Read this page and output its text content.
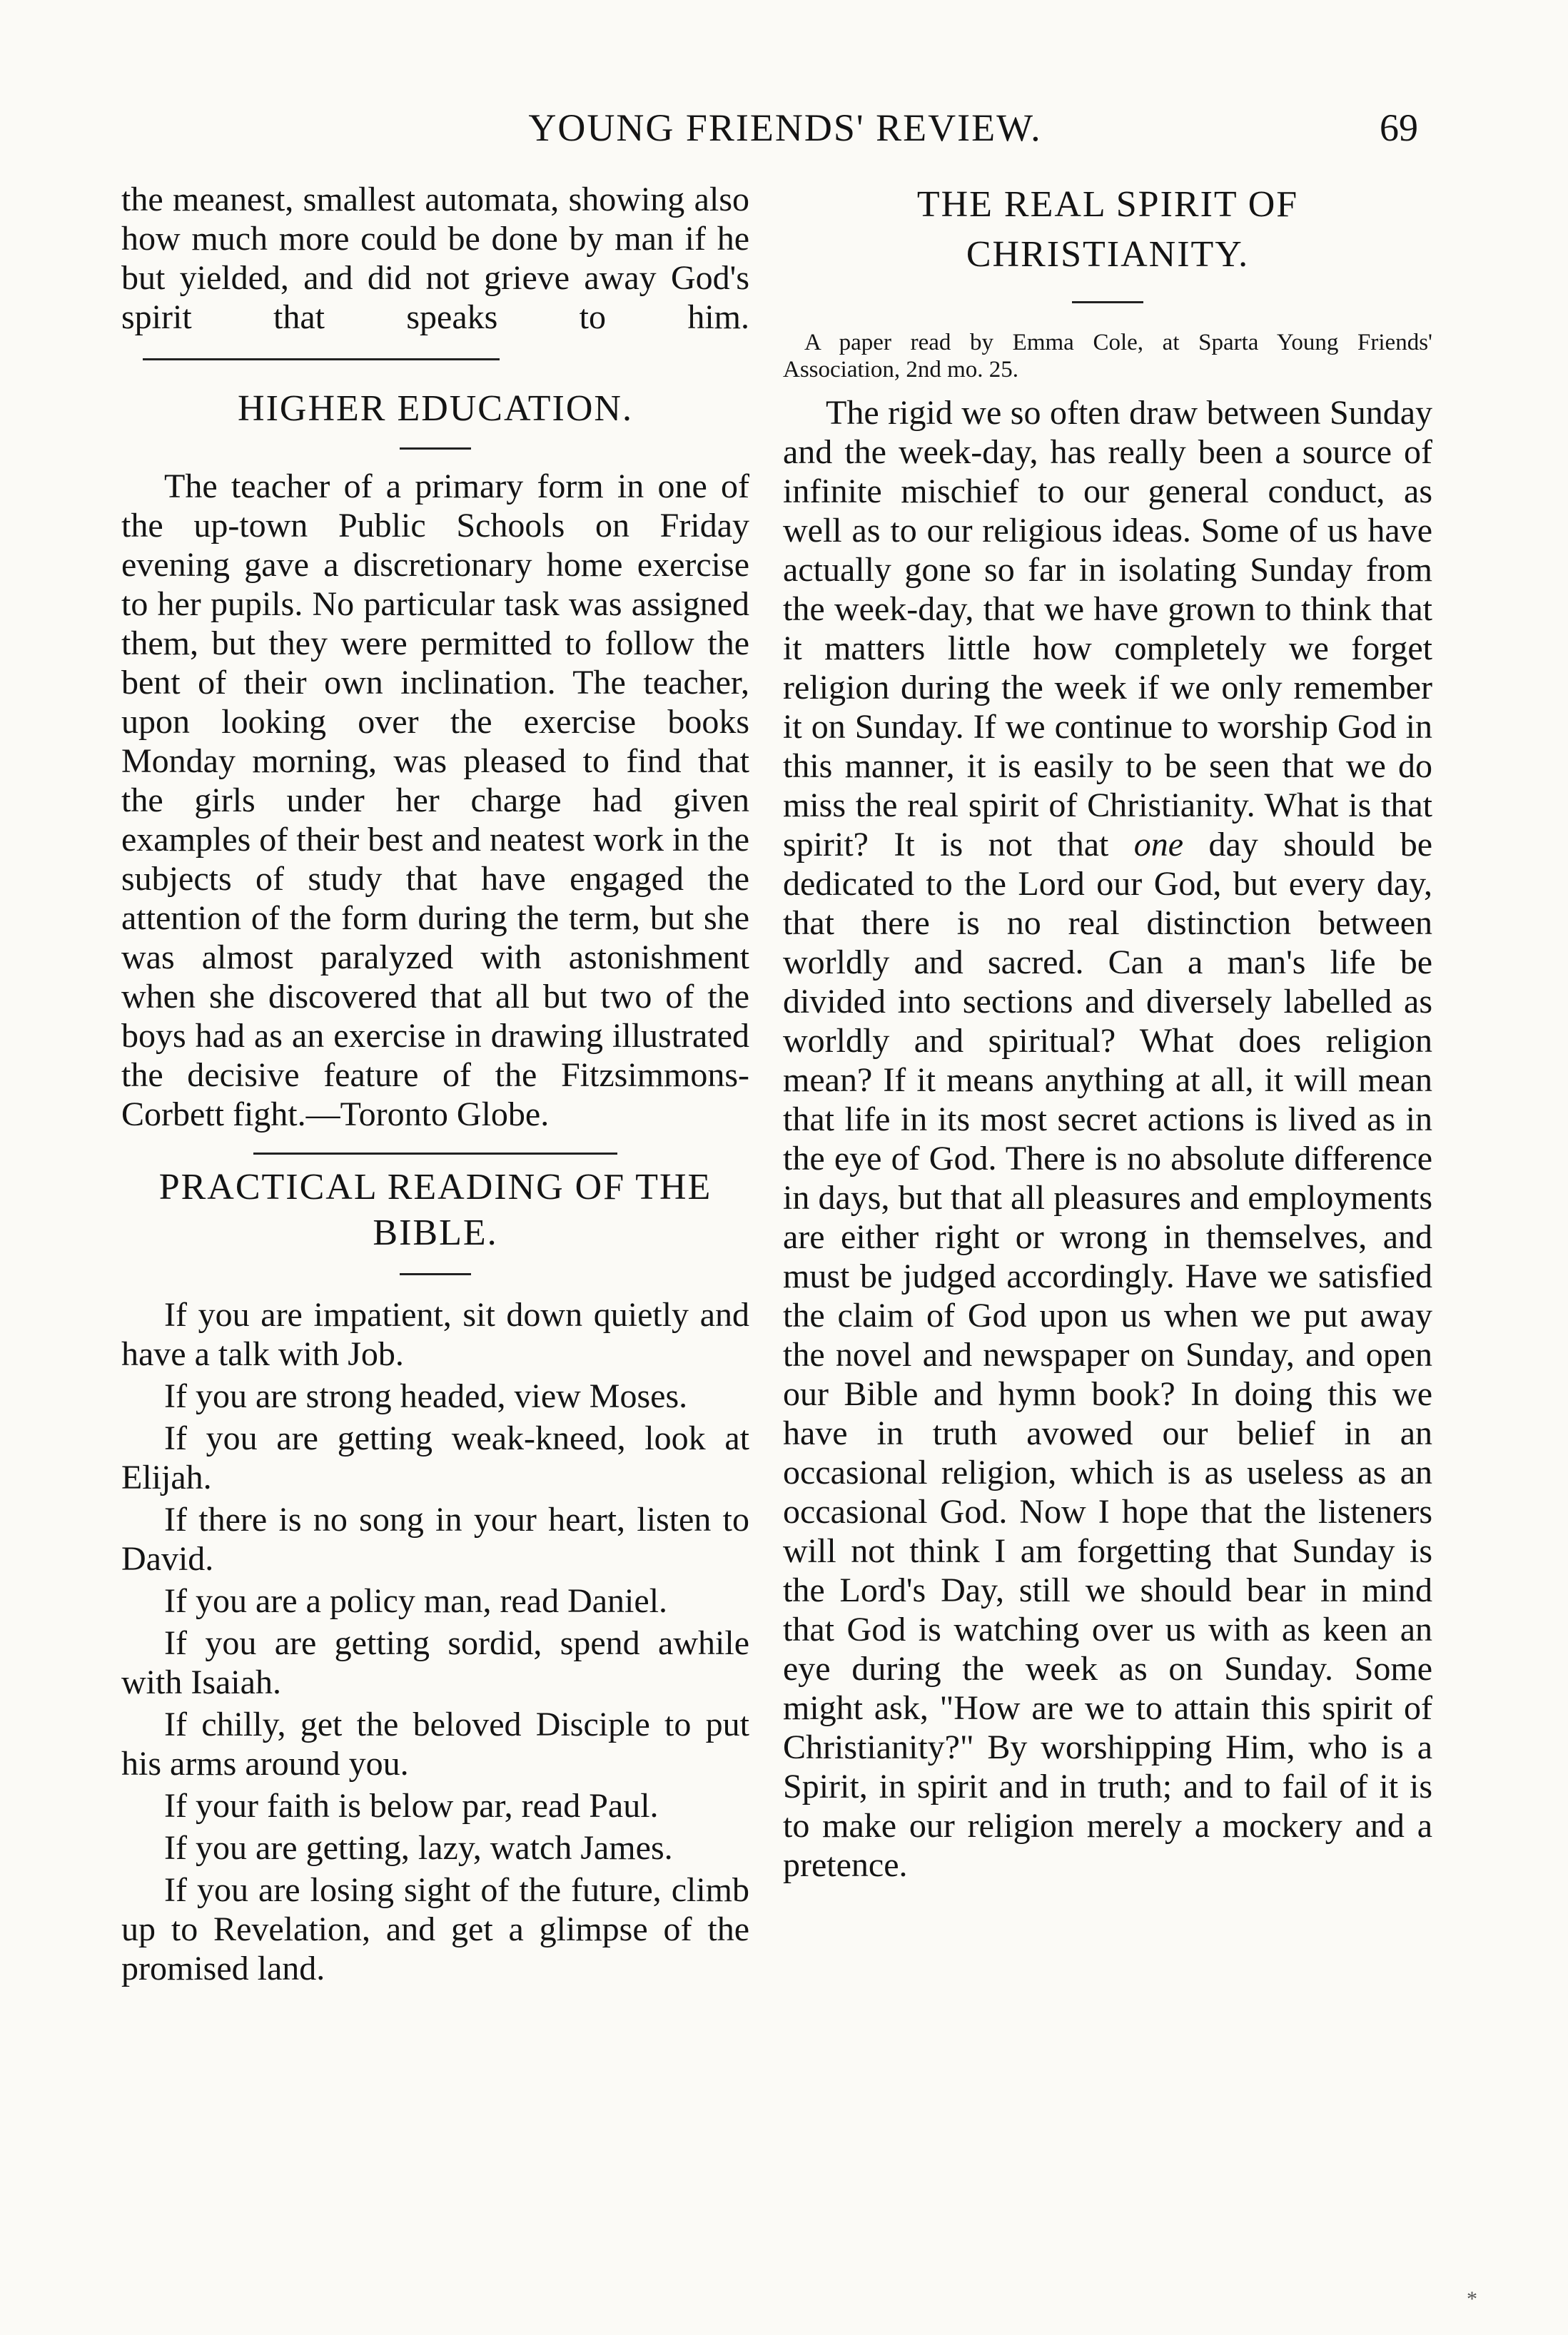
YOUNG FRIENDS' REVIEW.	69

the meanest, smallest automata, showing also how much more could be done by man if he but yielded, and did not grieve away God's spirit that speaks to him.

HIGHER EDUCATION.

The teacher of a primary form in one of the up-town Public Schools on Friday evening gave a discretionary home exercise to her pupils. No particular task was assigned them, but they were permitted to follow the bent of their own inclination. The teacher, upon looking over the exercise books Monday morning, was pleased to find that the girls under her charge had given examples of their best and neatest work in the subjects of study that have engaged the attention of the form during the term, but she was almost paralyzed with astonishment when she discovered that all but two of the boys had as an exercise in drawing illustrated the decisive feature of the Fitzsimmons-Corbett fight.—Toronto Globe.

PRACTICAL READING OF THE BIBLE.

If you are impatient, sit down quietly and have a talk with Job.

If you are strong headed, view Moses.

If you are getting weak-kneed, look at Elijah.

If there is no song in your heart, listen to David.

If you are a policy man, read Daniel.

If you are getting sordid, spend awhile with Isaiah.

If chilly, get the beloved Disciple to put his arms around you.

If your faith is below par, read Paul.

If you are getting, lazy, watch James.

If you are losing sight of the future, climb up to Revelation, and get a glimpse of the promised land.

THE REAL SPIRIT OF CHRISTIANITY.

A paper read by Emma Cole, at Sparta Young Friends' Association, 2nd mo. 25.

The rigid we so often draw between Sunday and the week-day, has really been a source of infinite mischief to our general conduct, as well as to our religious ideas. Some of us have actually gone so far in isolating Sunday from the week-day, that we have grown to think that it matters little how completely we forget religion during the week if we only remember it on Sunday. If we continue to worship God in this manner, it is easily to be seen that we do miss the real spirit of Christianity. What is that spirit? It is not that one day should be dedicated to the Lord our God, but every day, that there is no real distinction between worldly and sacred. Can a man's life be divided into sections and diversely labelled as worldly and spiritual? What does religion mean? If it means anything at all, it will mean that life in its most secret actions is lived as in the eye of God. There is no absolute difference in days, but that all pleasures and employments are either right or wrong in themselves, and must be judged accordingly. Have we satisfied the claim of God upon us when we put away the novel and newspaper on Sunday, and open our Bible and hymn book? In doing this we have in truth avowed our belief in an occasional religion, which is as useless as an occasional God. Now I hope that the listeners will not think I am forgetting that Sunday is the Lord's Day, still we should bear in mind that God is watching over us with as keen an eye during the week as on Sunday. Some might ask, "How are we to attain this spirit of Christianity?" By worshipping Him, who is a Spirit, in spirit and in truth; and to fail of it is to make our religion merely a mockery and a pretence.

*
